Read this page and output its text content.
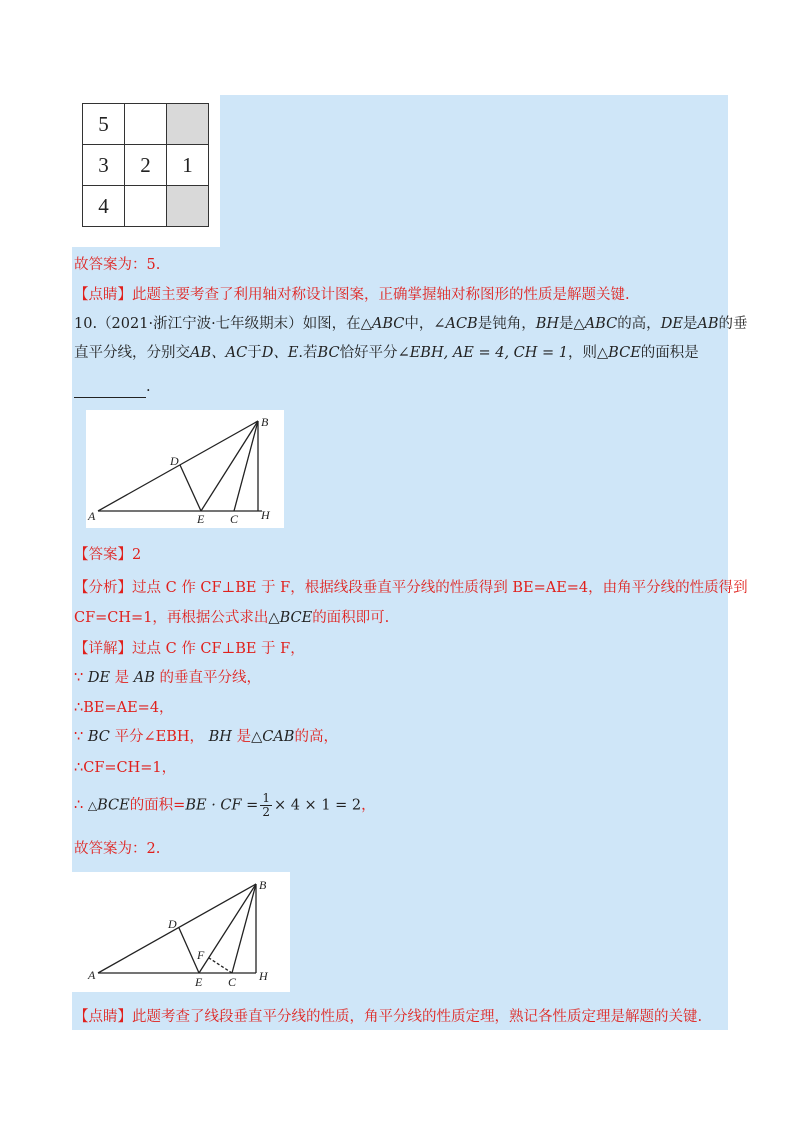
5		
3	2	1
4		
故答案为：5.
【点睛】此题主要考查了利用轴对称设计图案，正确掌握轴对称图形的性质是解题关键.
10.（2021·浙江宁波·七年级期末）如图，在△ABC中，∠ACB是钝角，BH是△ABC的高，DE是AB的垂
直平分线，分别交AB、AC于D、E.若BC恰好平分∠EBH, AE = 4, CH = 1，则△BCE的面积是
.
A
B
D
E C H
【答案】2
【分析】过点 C 作 CF⊥BE 于 F，根据线段垂直平分线的性质得到 BE=AE=4，由角平分线的性质得到
CF=CH=1，再根据公式求出△BCE的面积即可.
【详解】过点 C 作 CF⊥BE 于 F，
∵ DE 是 AB 的垂直平分线，
∴BE=AE=4，
∵ BC 平分∠EBH， BH 是△CAB的高，
∴CF=CH=1，
∴ △BCE的面积=BE · CF = $\frac{1}{2} \times 4 \times 1 = 2$，
故答案为：2.
A
B
D
F
E C H
【点睛】此题考查了线段垂直平分线的性质，角平分线的性质定理，熟记各性质定理是解题的关键.
